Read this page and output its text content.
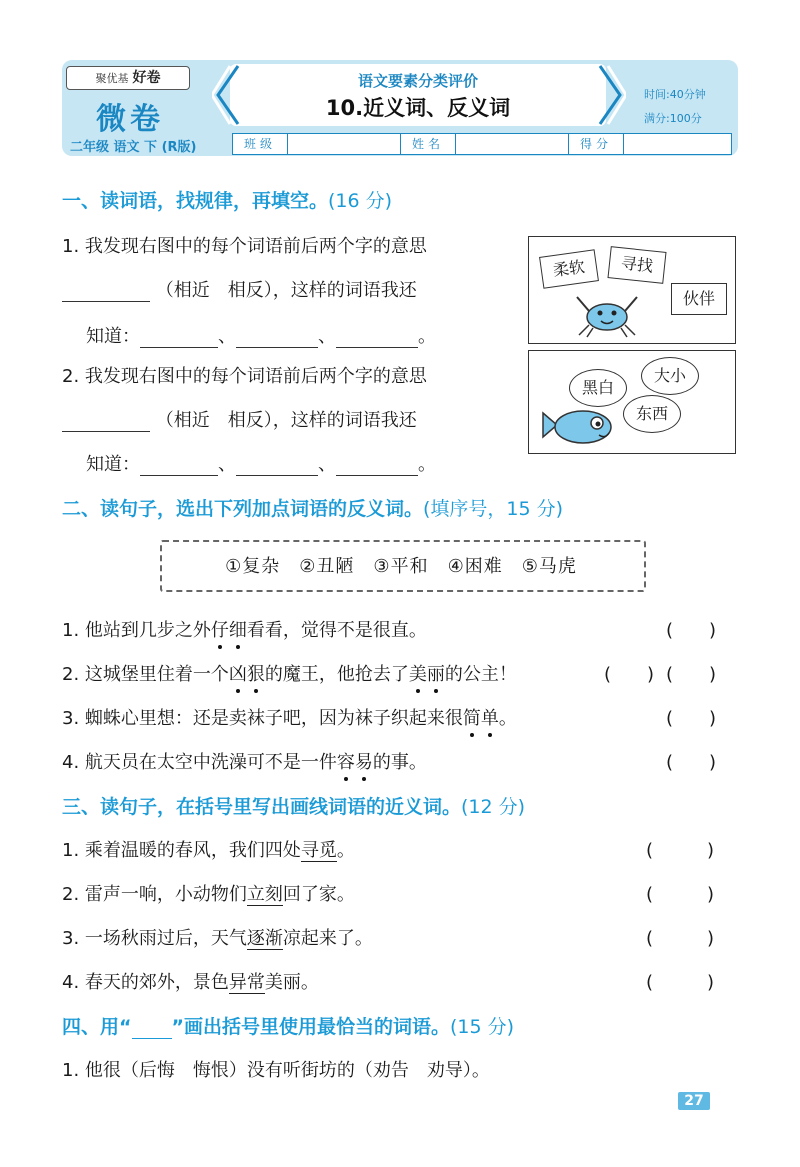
聚优基 好卷
微卷
二年级 语文 下 (R版)
语文要素分类评价
10.近义词、反义词
时间:40分钟
满分:100分
班级	姓名	得分
一、读词语，找规律，再填空。(16 分)
1. 我发现右图中的每个词语前后两个字的意思
（相近　相反），这样的词语我还
知道：	、	、	。
2. 我发现右图中的每个词语前后两个字的意思
（相近　相反），这样的词语我还
知道：	、	、	。
柔软	寻找
伙伴
黑白
大小
东西
二、读句子，选出下列加点词语的反义词。(填序号，15 分)
①复杂　②丑陋　③平和　④困难　⑤马虎
1. 他站到几步之外仔细看看，觉得不是很直。	(　　)
2. 这城堡里住着一个凶狠的魔王，他抢去了美丽的公主！	(　　) (　　)
3. 蜘蛛心里想：还是卖袜子吧，因为袜子织起来很简单。	(　　)
4. 航天员在太空中洗澡可不是一件容易的事。	(　　)
三、读句子，在括号里写出画线词语的近义词。(12 分)
1. 乘着温暖的春风，我们四处寻觅。	(　　　)
2. 雷声一响，小动物们立刻回了家。	(　　　)
3. 一场秋雨过后，天气逐渐凉起来了。	(　　　)
4. 春天的郊外，景色异常美丽。	(　　　)
四、用“ ”画出括号里使用最恰当的词语。(15 分)
1. 他很（后悔　悔恨）没有听街坊的（劝告　劝导）。
27
